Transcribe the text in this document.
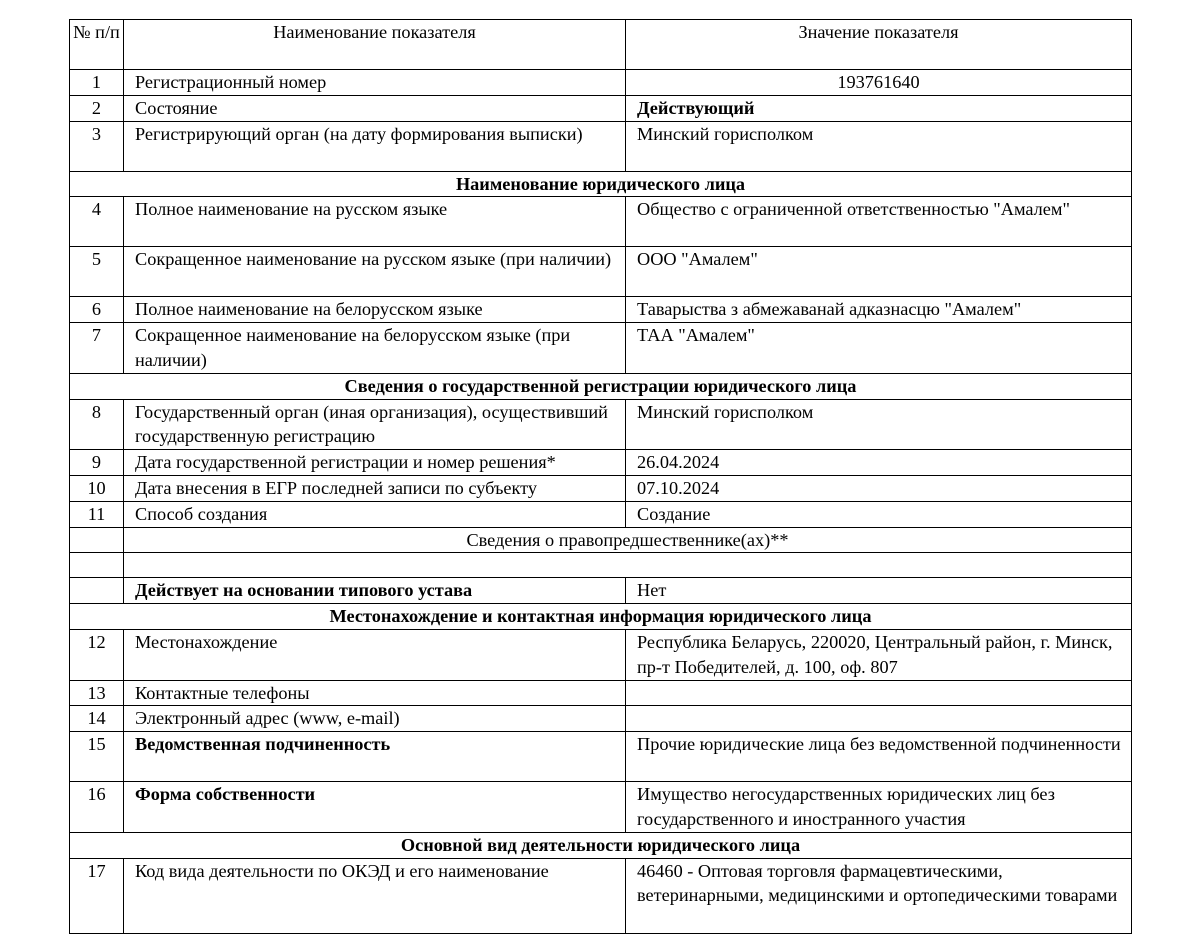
№ п/п	Наименование показателя	Значение показателя
1	Регистрационный номер	193761640
2	Состояние	Действующий
3	Регистрирующий орган (на дату формирования выписки)	Минский горисполком
Наименование юридического лица		
4	Полное наименование на русском языке	Общество с ограниченной ответственностью "Амалем"
5	Сокращенное наименование на русском языке (при наличии)	ООО "Амалем"
6	Полное наименование на белорусском языке	Таварыства з абмежаванай адказнасцю "Амалем"
7	Сокращенное наименование на белорусском языке (при наличии)	ТАА "Амалем"
Сведения о государственной регистрации юридического лица		
8	Государственный орган (иная организация), осуществивший государственную регистрацию	Минский горисполком
9	Дата государственной регистрации и номер решения*	26.04.2024
10	Дата внесения в ЕГР последней записи по субъекту	07.10.2024
11	Способ создания	Создание
	Сведения о правопредшественнике(ах)**	

	Действует на основании типового устава	Нет
Местонахождение и контактная информация юридического лица		
12	Местонахождение	Республика Беларусь, 220020, Центральный район, г. Минск, пр-т Победителей, д. 100, оф. 807
13	Контактные телефоны	
14	Электронный адрес (www, e-mail)	
15	Ведомственная подчиненность	Прочие юридические лица без ведомственной подчиненности
16	Форма собственности	Имущество негосударственных юридических лиц без государственного и иностранного участия
Основной вид деятельности юридического лица		
17	Код вида деятельности по ОКЭД и его наименование	46460 - Оптовая торговля фармацевтическими, ветеринарными, медицинскими и ортопедическими товарами
